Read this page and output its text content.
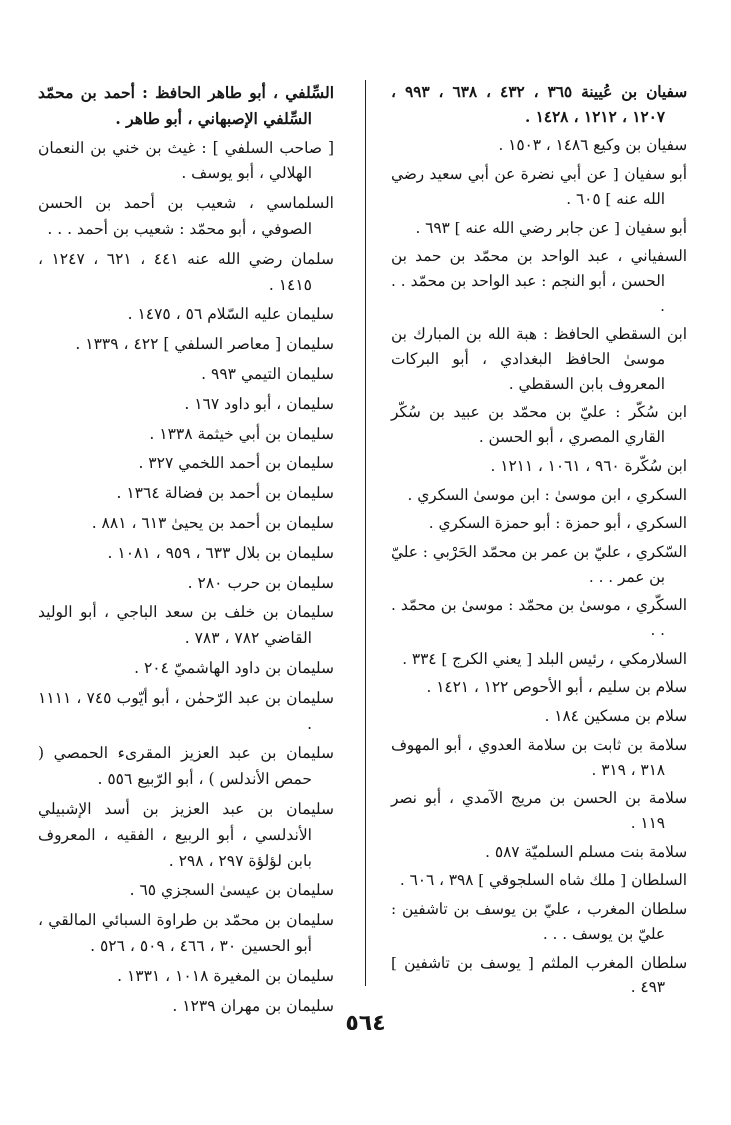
سفيان بن عُيينة ٣٦٥ ، ٤٣٢ ، ٦٣٨ ، ٩٩٣ ، ١٢٠٧ ، ١٢١٢ ، ١٤٢٨ .
سفيان بن وكيع ١٤٨٦ ، ١٥٠٣ .
أبو سفيان [ عن أبي نضرة عن أبي سعيد رضي الله عنه ] ٦٠٥ .
أبو سفيان [ عن جابر رضي الله عنه ] ٦٩٣ .
السفياني ، عبد الواحد بن محمّد بن حمد بن الحسن ، أبو النجم : عبد الواحد بن محمّد . . .
ابن السقطي الحافظ : هبة الله بن المبارك بن موسىٰ الحافظ البغدادي ، أبو البركات المعروف بابن السقطي .
ابن سُكّر : عليّ بن محمّد بن عبيد بن سُكّر القاري المصري ، أبو الحسن .
ابن سُكّرة ٩٦٠ ، ١٠٦١ ، ١٢١١ .
السكري ، ابن موسىٰ : ابن موسىٰ السكري .
السكري ، أبو حمزة : أبو حمزة السكري .
السّكري ، عليّ بن عمر بن محمّد الحَرْبي : عليّ بن عمر . . .
السكّري ، موسىٰ بن محمّد : موسىٰ بن محمّد . . .
السلارمكي ، رئيس البلد [ يعني الكرج ] ٣٣٤ .
سلام بن سليم ، أبو الأحوص ١٢٢ ، ١٤٢١ .
سلام بن مسكين ١٨٤ .
سلامة بن ثابت بن سلامة العدوي ، أبو المهوف ٣١٨ ، ٣١٩ .
سلامة بن الحسن بن مريج الآمدي ، أبو نصر ١١٩ .
سلامة بنت مسلم السلميّة ٥٨٧ .
السلطان [ ملك شاه السلجوقي ] ٣٩٨ ، ٦٠٦ .
سلطان المغرب ، عليّ بن يوسف بن تاشفين : عليّ بن يوسف . . .
سلطان المغرب الملثم [ يوسف بن تاشفين ] ٤٩٣ .
السِّلفي ، أبو طاهر الحافظ : أحمد بن محمّد السِّلفي الإصبهاني ، أبو طاهر .
[ صاحب السلفي ] : غيث بن خني بن النعمان الهلالي ، أبو يوسف .
السلماسي ، شعيب بن أحمد بن الحسن الصوفي ، أبو محمّد : شعيب بن أحمد . . .
سلمان رضي الله عنه ٤٤١ ، ٦٢١ ، ١٢٤٧ ، ١٤١٥ .
سليمان عليه السّلام ٥٦ ، ١٤٧٥ .
سليمان [ معاصر السلفي ] ٤٢٢ ، ١٣٣٩ .
سليمان التيمي ٩٩٣ .
سليمان ، أبو داود ١٦٧ .
سليمان بن أبي خيثمة ١٣٣٨ .
سليمان بن أحمد اللخمي ٣٢٧ .
سليمان بن أحمد بن فضالة ١٣٦٤ .
سليمان بن أحمد بن يحيىٰ ٦١٣ ، ٨٨١ .
سليمان بن بلال ٦٣٣ ، ٩٥٩ ، ١٠٨١ .
سليمان بن حرب ٢٨٠ .
سليمان بن خلف بن سعد الباجي ، أبو الوليد القاضي ٧٨٢ ، ٧٨٣ .
سليمان بن داود الهاشميّ ٢٠٤ .
سليمان بن عبد الرّحمٰن ، أبو أيّوب ٧٤٥ ، ١١١١ .
سليمان بن عبد العزيز المقرىء الحمصي ( حمص الأندلس ) ، أبو الرّبيع ٥٥٦ .
سليمان بن عبد العزيز بن أسد الإشبيلي الأندلسي ، أبو الربيع ، الفقيه ، المعروف بابن لؤلؤة ٢٩٧ ، ٢٩٨ .
سليمان بن عيسىٰ السجزي ٦٥ .
سليمان بن محمّد بن طراوة السبائي المالقي ، أبو الحسين ٣٠ ، ٤٦٦ ، ٥٠٩ ، ٥٢٦ .
سليمان بن المغيرة ١٠١٨ ، ١٣٣١ .
سليمان بن مهران ١٢٣٩ .
٥٦٤
